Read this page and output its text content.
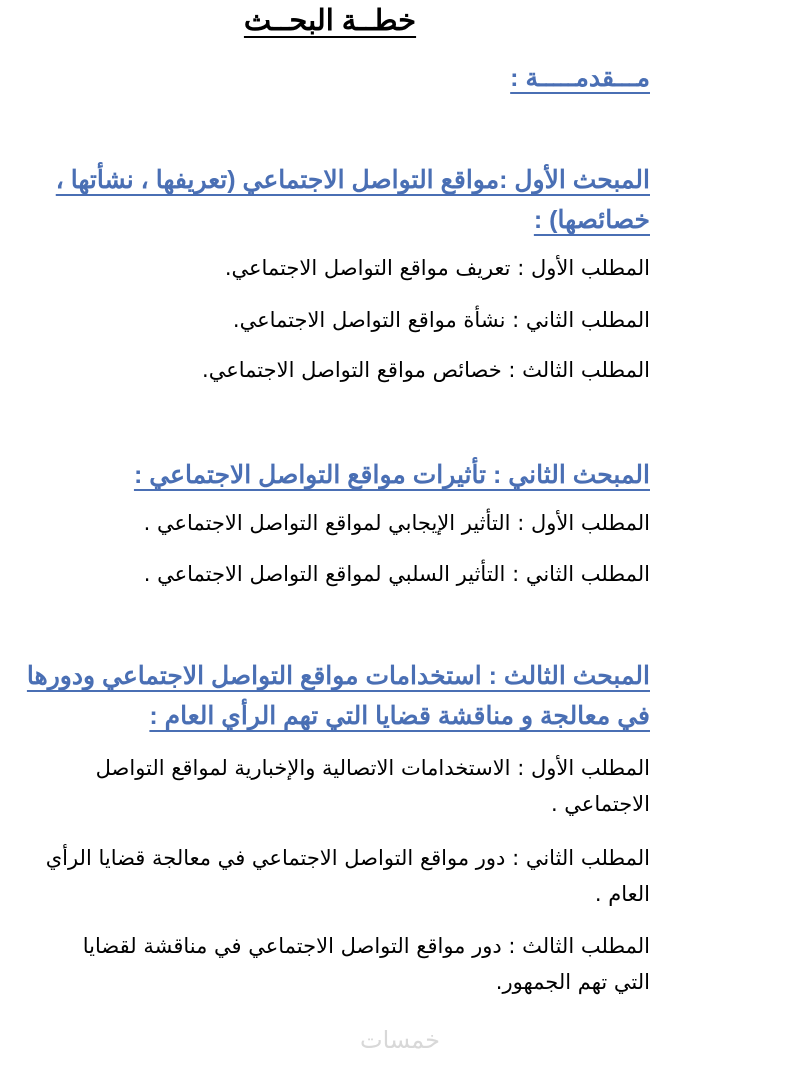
خطــة البحــث
مـــقدمـــــة :
المبحث الأول :مواقع التواصل الاجتماعي (تعريفها ، نشأتها ، خصائصها) :
المطلب الأول : تعريف مواقع التواصل الاجتماعي.
المطلب الثاني : نشأة مواقع التواصل الاجتماعي.
المطلب الثالث : خصائص مواقع التواصل الاجتماعي.
المبحث الثاني : تأثيرات مواقع التواصل الاجتماعي :
المطلب الأول : التأثير الإيجابي لمواقع التواصل الاجتماعي .
المطلب الثاني : التأثير السلبي لمواقع التواصل الاجتماعي .
المبحث الثالث : استخدامات مواقع التواصل الاجتماعي ودورها في معالجة و مناقشة قضايا التي تهم الرأي العام :
المطلب الأول : الاستخدامات الاتصالية والإخبارية لمواقع التواصل الاجتماعي .
المطلب الثاني : دور مواقع التواصل الاجتماعي في معالجة قضايا الرأي العام .
المطلب الثالث : دور مواقع التواصل الاجتماعي في مناقشة لقضايا التي تهم الجمهور.
خمسات
